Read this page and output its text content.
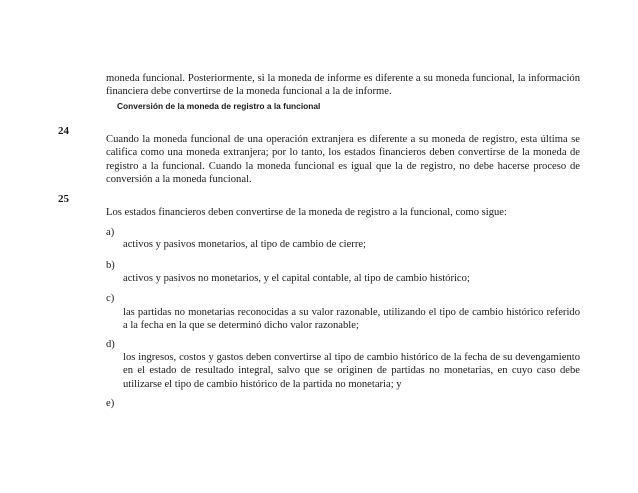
moneda funcional. Posteriormente, si la moneda de informe es diferente a su moneda funcional, la información financiera debe convertirse de la moneda funcional a la de informe.
Conversión de la moneda de registro a la funcional
24
Cuando la moneda funcional de una operación extranjera es diferente a su moneda de registro, esta última se califica como una moneda extranjera; por lo tanto, los estados financieros deben convertirse de la moneda de registro a la funcional. Cuando la moneda funcional es igual que la de registro, no debe hacerse proceso de conversión a la moneda funcional.
25
Los estados financieros deben convertirse de la moneda de registro a la funcional, como sigue:
a)
activos y pasivos monetarios, al tipo de cambio de cierre;
b)
activos y pasivos no monetarios, y el capital contable, al tipo de cambio histórico;
c)
las partidas no monetarias reconocidas a su valor razonable, utilizando el tipo de cambio histórico referido a la fecha en la que se determinó dicho valor razonable;
d)
los ingresos, costos y gastos deben convertirse al tipo de cambio histórico de la fecha de su devengamiento en el estado de resultado integral, salvo que se originen de partidas no monetarias, en cuyo caso debe utilizarse el tipo de cambio histórico de la partida no monetaria; y
e)
